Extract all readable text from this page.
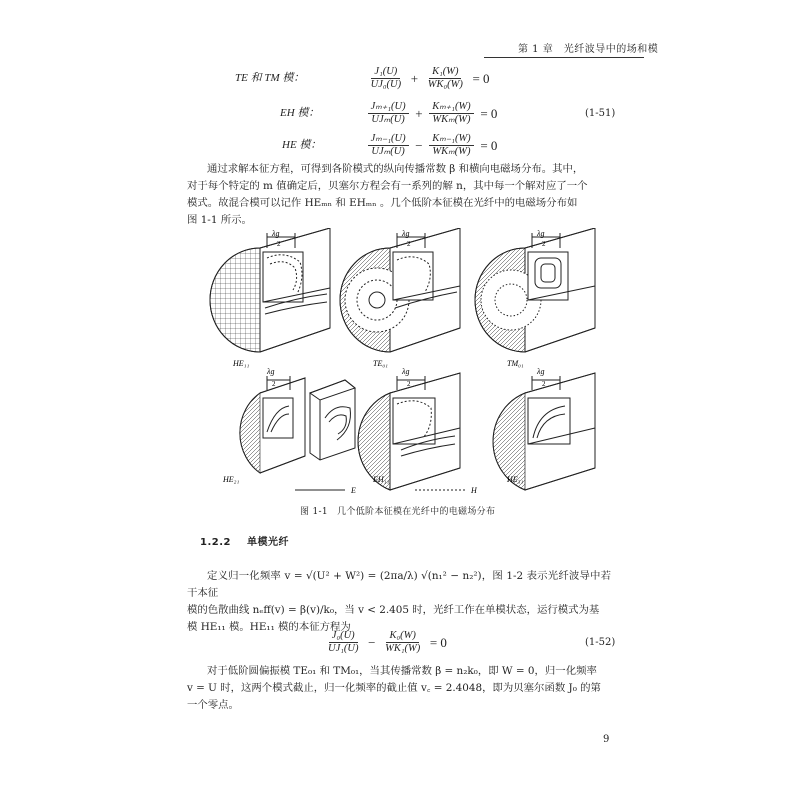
第 1 章　光纤波导中的场和模
TE 和 TM 模：	$\frac{\text{J₁(U)}}{\text{UJ₀(U)}} + \frac{\text{K₁(W)}}{\text{WK₀(W)}} = 0$
EH 模：	$\frac{\text{Jₘ₊₁(U)}}{\text{UJₘ(U)}} + \frac{\text{Kₘ₊₁(W)}}{\text{WKₘ(W)}} = 0$	(1-51)
HE 模：	$\frac{\text{Jₘ₋₁(U)}}{\text{UJₘ(U)}} - \frac{\text{Kₘ₋₁(W)}}{\text{WKₘ(W)}} = 0$
通过求解本征方程，可得到各阶模式的纵向传播常数 β 和横向电磁场分布。其中，
对于每个特定的 m 值确定后，贝塞尔方程会有一系列的解 n，其中每一个解对应了一个
模式。故混合模可以记作 HEₘₙ 和 EHₘₙ 。几个低阶本征模在光纤中的电磁场分布如
图 1-1 所示。
λg
2
HE₁₁
λg
2
TE₀₁
λg
2
TM₀₁
λg
2
HE₂₁
λg
2
EH₁₁
λg
2
HE₃₁
E	H
图 1-1　几个低阶本征模在光纤中的电磁场分布
1.2.2 单模光纤
定义归一化频率 v = √(U² + W²) = (2πa/λ) √(n₁² − n₂²)，图 1-2 表示光纤波导中若干本征
模的色散曲线 nₑff(v) = β(v)/k₀，当 v < 2.405 时，光纤工作在单模状态，运行模式为基
模 HE₁₁ 模。HE₁₁ 模的本征方程为
$\frac{\text{J₀(U)}}{\text{UJ₁(U)}} - \frac{\text{K₀(W)}}{\text{WK₁(W)}} = 0$	(1-52)
对于低阶圆偏振模 TE₀₁ 和 TM₀₁，当其传播常数 β = n₂k₀，即 W = 0，归一化频率
v = U 时，这两个模式截止，归一化频率的截止值 v꜀ = 2.4048，即为贝塞尔函数 J₀ 的第
一个零点。
9
